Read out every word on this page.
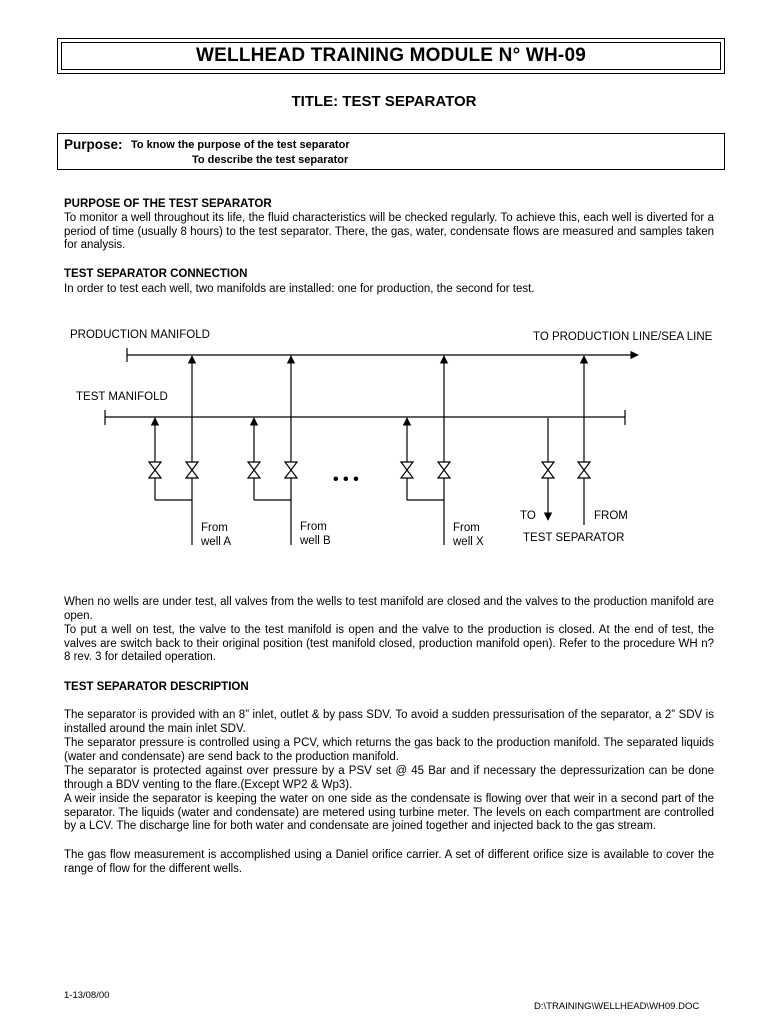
WELLHEAD TRAINING MODULE N° WH-09
TITLE: TEST SEPARATOR
Purpose: To know the purpose of the test separator
To describe the test separator
PURPOSE OF THE TEST SEPARATOR
To monitor a well throughout its life, the fluid characteristics will be checked regularly. To achieve this, each well is diverted for a period of time (usually 8 hours) to the test separator. There, the gas, water, condensate flows are measured and samples taken for analysis.
TEST SEPARATOR CONNECTION
In order to test each well, two manifolds are installed: one for production, the second for test.
PRODUCTION MANIFOLD	TO PRODUCTION LINE/SEA LINE
TEST MANIFOLD
• • •
From
well A
From
well B
From
well X
TO	FROM
TEST SEPARATOR
When no wells are under test, all valves from the wells to test manifold are closed and the valves to the production manifold are open.
To put a well on test, the valve to the test manifold is open and the valve to the production is closed. At the end of test, the valves are switch back to their original position (test manifold closed, production manifold open). Refer to the procedure WH n?8 rev. 3 for detailed operation.
TEST SEPARATOR DESCRIPTION
The separator is provided with an 8” inlet, outlet & by pass SDV. To avoid a sudden pressurisation of the separator, a 2” SDV is installed around the main inlet SDV.
The separator pressure is controlled using a PCV, which returns the gas back to the production manifold. The separated liquids (water and condensate) are send back to the production manifold.
The separator is protected against over pressure by a PSV set @ 45 Bar and if necessary the depressurization can be done through a BDV venting to the flare.(Except WP2 & Wp3).
A weir inside the separator is keeping the water on one side as the condensate is flowing over that weir in a second part of the separator. The liquids (water and condensate) are metered using turbine meter. The levels on each compartment are controlled by a LCV. The discharge line for both water and condensate are joined together and injected back to the gas stream.
The gas flow measurement is accomplished using a Daniel orifice carrier. A set of different orifice size is available to cover the range of flow for the different wells.
1-13/08/00
D:\TRAINING\WELLHEAD\WH09.DOC
